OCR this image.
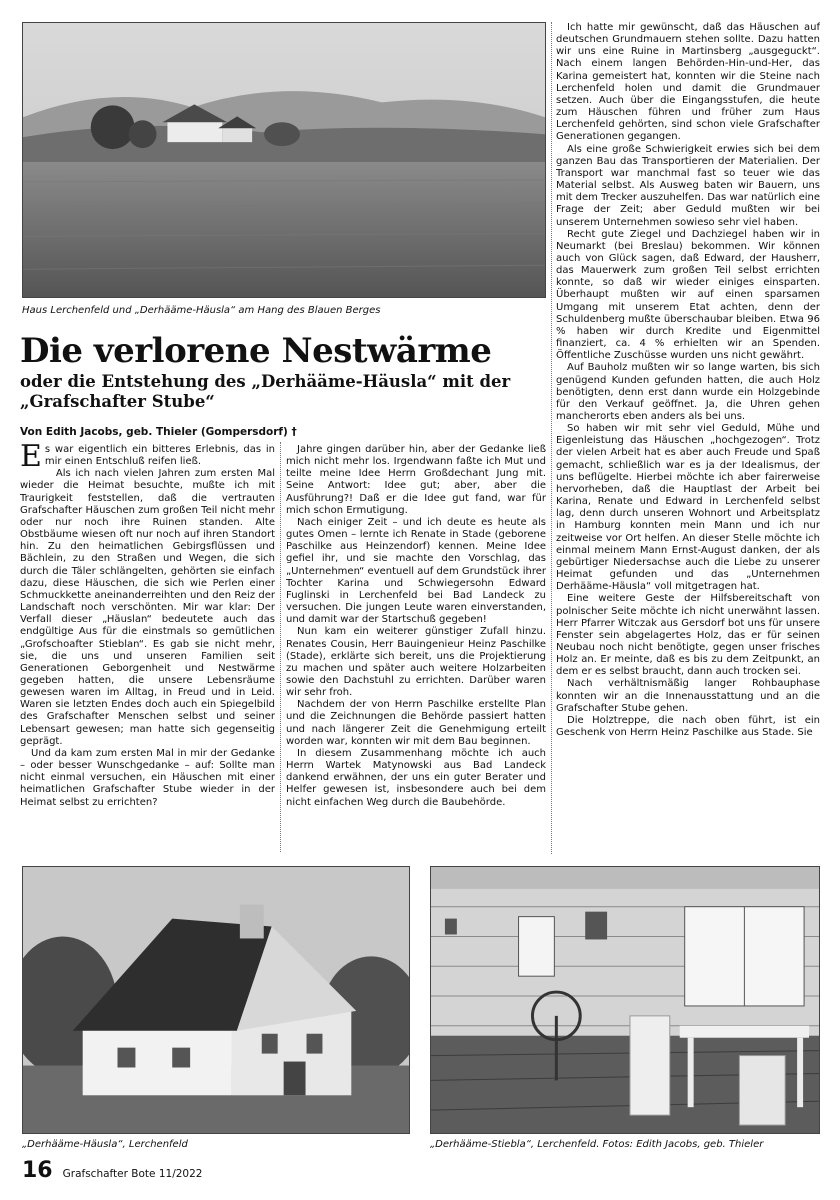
Haus Lerchenfeld und „Derhääme-Häusla“ am Hang des Blauen Berges
Die verlorene Nestwärme
oder die Entstehung des „Derhääme-Häusla“ mit der „Grafschafter Stube“
Von Edith Jacobs, geb. Thieler (Gompersdorf) †

Es war eigentlich ein bitteres Erlebnis, das in mir einen Entschluß reifen ließ.

Als ich nach vielen Jahren zum ersten Mal wieder die Heimat besuchte, mußte ich mit Traurigkeit feststellen, daß die vertrauten Grafschafter Häuschen zum großen Teil nicht mehr oder nur noch ihre Ruinen standen. Alte Obstbäume wiesen oft nur noch auf ihren Standort hin. Zu den heimatlichen Gebirgsflüssen und Bächlein, zu den Straßen und Wegen, die sich durch die Täler schlängelten, gehörten sie einfach dazu, diese Häuschen, die sich wie Perlen einer Schmuckkette aneinanderreihten und den Reiz der Landschaft noch verschönten. Mir war klar: Der Verfall dieser „Häuslan“ bedeutete auch das endgültige Aus für die einstmals so gemütlichen „Grofschoafter Stieblan“. Es gab sie nicht mehr, sie, die uns und unseren Familien seit Generationen Geborgenheit und Nestwärme gegeben hatten, die unsere Lebensräume gewesen waren im Alltag, in Freud und in Leid. Waren sie letzten Endes doch auch ein Spiegelbild des Grafschafter Menschen selbst und seiner Lebensart gewesen; man hatte sich gegenseitig geprägt.

Und da kam zum ersten Mal in mir der Gedanke – oder besser Wunschgedanke – auf: Sollte man nicht einmal versuchen, ein Häuschen mit einer heimatlichen Grafschafter Stube wieder in der Heimat selbst zu errichten?

Jahre gingen darüber hin, aber der Gedanke ließ mich nicht mehr los. Irgendwann faßte ich Mut und teilte meine Idee Herrn Großdechant Jung mit. Seine Antwort: Idee gut; aber, aber die Ausführung?! Daß er die Idee gut fand, war für mich schon Ermutigung.

Nach einiger Zeit – und ich deute es heute als gutes Omen – lernte ich Renate in Stade (geborene Paschilke aus Heinzendorf) kennen. Meine Idee gefiel ihr, und sie machte den Vorschlag, das „Unternehmen“ eventuell auf dem Grundstück ihrer Tochter Karina und Schwiegersohn Edward Fuglinski in Lerchenfeld bei Bad Landeck zu versuchen. Die jungen Leute waren einverstanden, und damit war der Startschuß gegeben!

Nun kam ein weiterer günstiger Zufall hinzu. Renates Cousin, Herr Bauingenieur Heinz Paschilke (Stade), erklärte sich bereit, uns die Projektierung zu machen und später auch weitere Holzarbeiten sowie den Dachstuhl zu errichten. Darüber waren wir sehr froh.

Nachdem der von Herrn Paschilke erstellte Plan und die Zeichnungen die Behörde passiert hatten und nach längerer Zeit die Genehmigung erteilt worden war, konnten wir mit dem Bau beginnen.

In diesem Zusammenhang möchte ich auch Herrn Wartek Matynowski aus Bad Landeck dankend erwähnen, der uns ein guter Berater und Helfer gewesen ist, insbesondere auch bei dem nicht einfachen Weg durch die Baubehörde.

Ich hatte mir gewünscht, daß das Häuschen auf deutschen Grundmauern stehen sollte. Dazu hatten wir uns eine Ruine in Martinsberg „ausgeguckt“. Nach einem langen Behörden-Hin-und-Her, das Karina gemeistert hat, konnten wir die Steine nach Lerchenfeld holen und damit die Grundmauer setzen. Auch über die Eingangsstufen, die heute zum Häuschen führen und früher zum Haus Lerchenfeld gehörten, sind schon viele Grafschafter Generationen gegangen.

Als eine große Schwierigkeit erwies sich bei dem ganzen Bau das Transportieren der Materialien. Der Transport war manchmal fast so teuer wie das Material selbst. Als Ausweg baten wir Bauern, uns mit dem Trecker auszuhelfen. Das war natürlich eine Frage der Zeit; aber Geduld mußten wir bei unserem Unternehmen sowieso sehr viel haben.

Recht gute Ziegel und Dachziegel haben wir in Neumarkt (bei Breslau) bekommen. Wir können auch von Glück sagen, daß Edward, der Hausherr, das Mauerwerk zum großen Teil selbst errichten konnte, so daß wir wieder einiges einsparten. Überhaupt mußten wir auf einen sparsamen Umgang mit unserem Etat achten, denn der Schuldenberg mußte überschaubar bleiben. Etwa 96 % haben wir durch Kredite und Eigenmittel finanziert, ca. 4 % erhielten wir an Spenden. Öffentliche Zuschüsse wurden uns nicht gewährt.

Auf Bauholz mußten wir so lange warten, bis sich genügend Kunden gefunden hatten, die auch Holz benötigten, denn erst dann wurde ein Holzgebinde für den Verkauf geöffnet. Ja, die Uhren gehen mancherorts eben anders als bei uns.

So haben wir mit sehr viel Geduld, Mühe und Eigenleistung das Häuschen „hochgezogen“. Trotz der vielen Arbeit hat es aber auch Freude und Spaß gemacht, schließlich war es ja der Idealismus, der uns beflügelte. Hierbei möchte ich aber fairerweise hervorheben, daß die Hauptlast der Arbeit bei Karina, Renate und Edward in Lerchenfeld selbst lag, denn durch unseren Wohnort und Arbeitsplatz in Hamburg konnten mein Mann und ich nur zeitweise vor Ort helfen. An dieser Stelle möchte ich einmal meinem Mann Ernst-August danken, der als gebürtiger Niedersachse auch die Liebe zu unserer Heimat gefunden und das „Unternehmen Derhääme-Häusla“ voll mitgetragen hat.

Eine weitere Geste der Hilfsbereitschaft von polnischer Seite möchte ich nicht unerwähnt lassen. Herr Pfarrer Witczak aus Gersdorf bot uns für unsere Fenster sein abgelagertes Holz, das er für seinen Neubau noch nicht benötigte, gegen unser frisches Holz an. Er meinte, daß es bis zu dem Zeitpunkt, an dem er es selbst braucht, dann auch trocken sei.

Nach verhältnismäßig langer Rohbauphase konnten wir an die Innenausstattung und an die Grafschafter Stube gehen.

Die Holztreppe, die nach oben führt, ist ein Geschenk von Herrn Heinz Paschilke aus Stade. Sie

„Derhääme-Häusla“, Lerchenfeld	„Derhääme-Stiebla“, Lerchenfeld. Fotos: Edith Jacobs, geb. Thieler
16 Grafschafter Bote 11/2022
